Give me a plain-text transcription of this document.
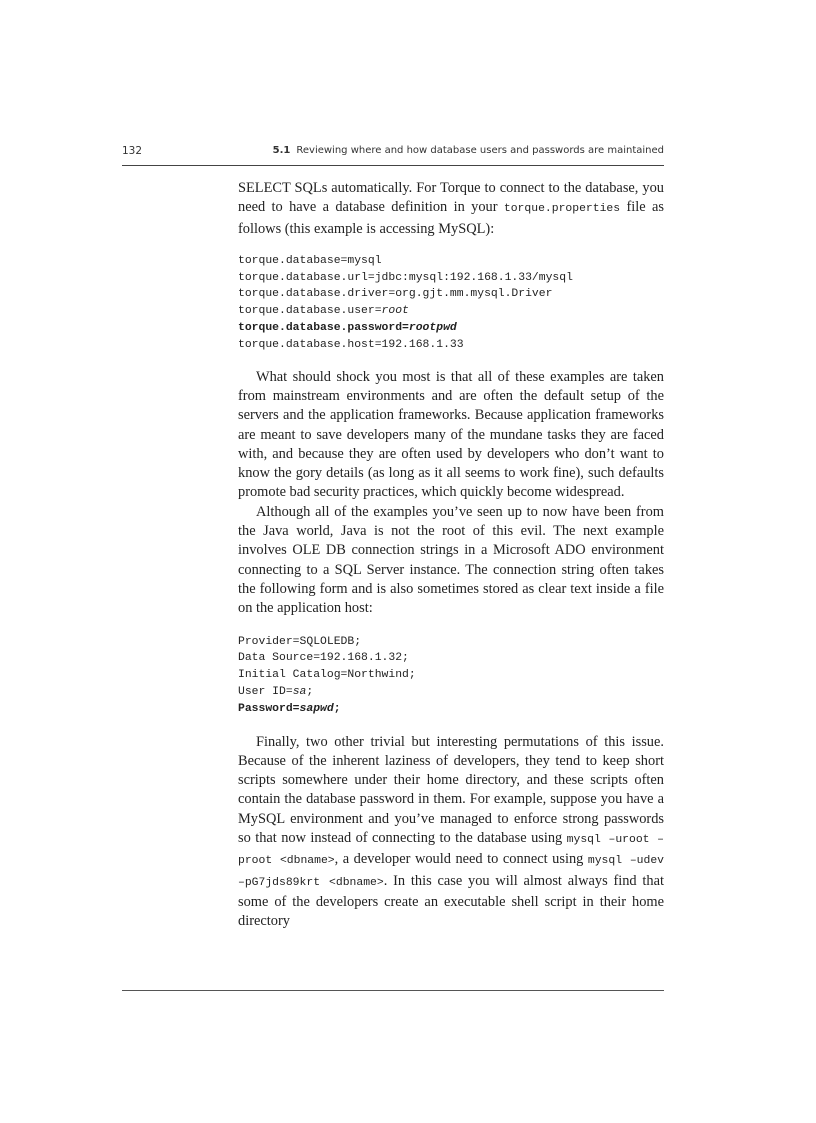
132	5.1 Reviewing where and how database users and passwords are maintained

SELECT SQLs automatically. For Torque to connect to the database, you need to have a database definition in your torque.properties file as follows (this example is accessing MySQL):

torque.database=mysql
torque.database.url=jdbc:mysql:192.168.1.33/mysql
torque.database.driver=org.gjt.mm.mysql.Driver
torque.database.user=root
torque.database.password=rootpwd
torque.database.host=192.168.1.33

What should shock you most is that all of these examples are taken from mainstream environments and are often the default setup of the servers and the application frameworks. Because application frameworks are meant to save developers many of the mundane tasks they are faced with, and because they are often used by developers who don’t want to know the gory details (as long as it all seems to work fine), such defaults promote bad security practices, which quickly become widespread.

Although all of the examples you’ve seen up to now have been from the Java world, Java is not the root of this evil. The next example involves OLE DB connection strings in a Microsoft ADO environment connecting to a SQL Server instance. The connection string often takes the following form and is also sometimes stored as clear text inside a file on the application host:

Provider=SQLOLEDB;
Data Source=192.168.1.32;
Initial Catalog=Northwind;
User ID=sa;
Password=sapwd;

Finally, two other trivial but interesting permutations of this issue. Because of the inherent laziness of developers, they tend to keep short scripts somewhere under their home directory, and these scripts often contain the database password in them. For example, suppose you have a MySQL environment and you’ve managed to enforce strong passwords so that now instead of connecting to the database using mysql –uroot –proot <dbname>, a developer would need to connect using mysql –udev –pG7jds89krt <dbname>. In this case you will almost always find that some of the developers create an executable shell script in their home directory
